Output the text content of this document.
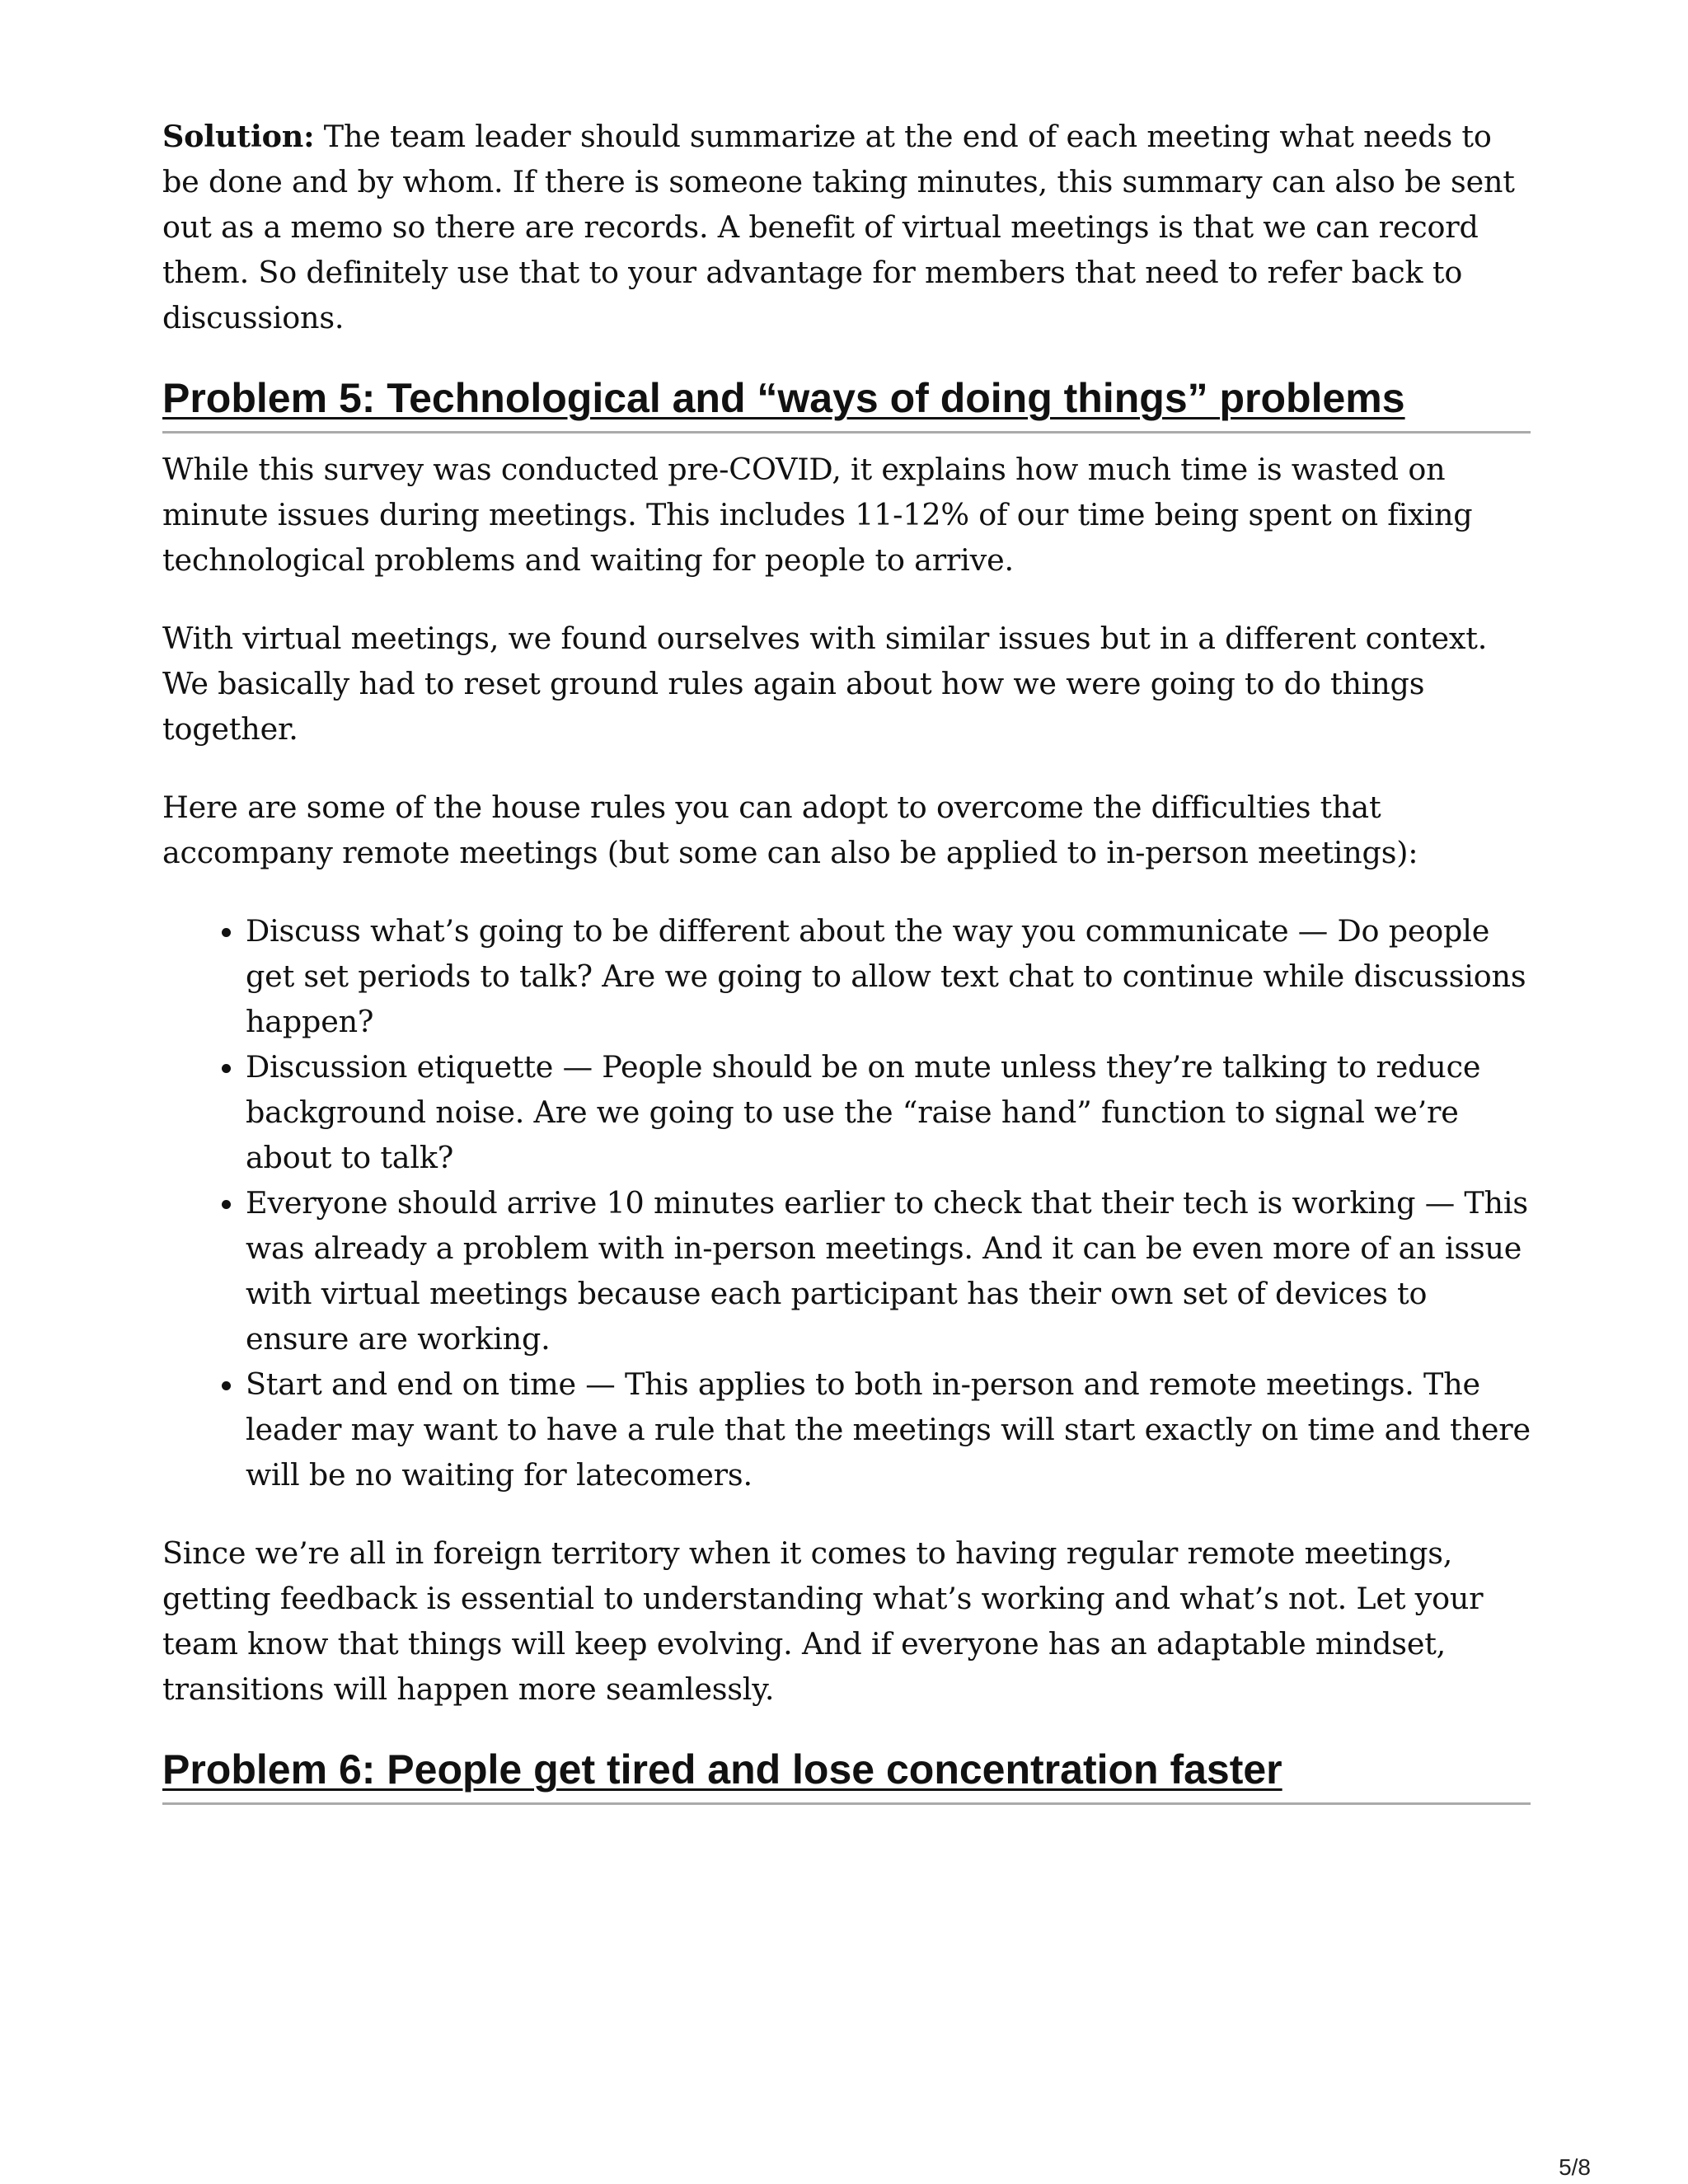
Solution: The team leader should summarize at the end of each meeting what needs to be done and by whom. If there is someone taking minutes, this summary can also be sent out as a memo so there are records. A benefit of virtual meetings is that we can record them. So definitely use that to your advantage for members that need to refer back to discussions.

Problem 5: Technological and “ways of doing things” problems

While this survey was conducted pre-COVID, it explains how much time is wasted on minute issues during meetings. This includes 11-12% of our time being spent on fixing technological problems and waiting for people to arrive.

With virtual meetings, we found ourselves with similar issues but in a different context. We basically had to reset ground rules again about how we were going to do things together.

Here are some of the house rules you can adopt to overcome the difficulties that accompany remote meetings (but some can also be applied to in-person meetings):

• Discuss what’s going to be different about the way you communicate — Do people get set periods to talk? Are we going to allow text chat to continue while discussions happen?
• Discussion etiquette — People should be on mute unless they’re talking to reduce background noise. Are we going to use the “raise hand” function to signal we’re about to talk?
• Everyone should arrive 10 minutes earlier to check that their tech is working — This was already a problem with in-person meetings. And it can be even more of an issue with virtual meetings because each participant has their own set of devices to ensure are working.
• Start and end on time — This applies to both in-person and remote meetings. The leader may want to have a rule that the meetings will start exactly on time and there will be no waiting for latecomers.

Since we’re all in foreign territory when it comes to having regular remote meetings, getting feedback is essential to understanding what’s working and what’s not. Let your team know that things will keep evolving. And if everyone has an adaptable mindset, transitions will happen more seamlessly.

Problem 6: People get tired and lose concentration faster
5/8
